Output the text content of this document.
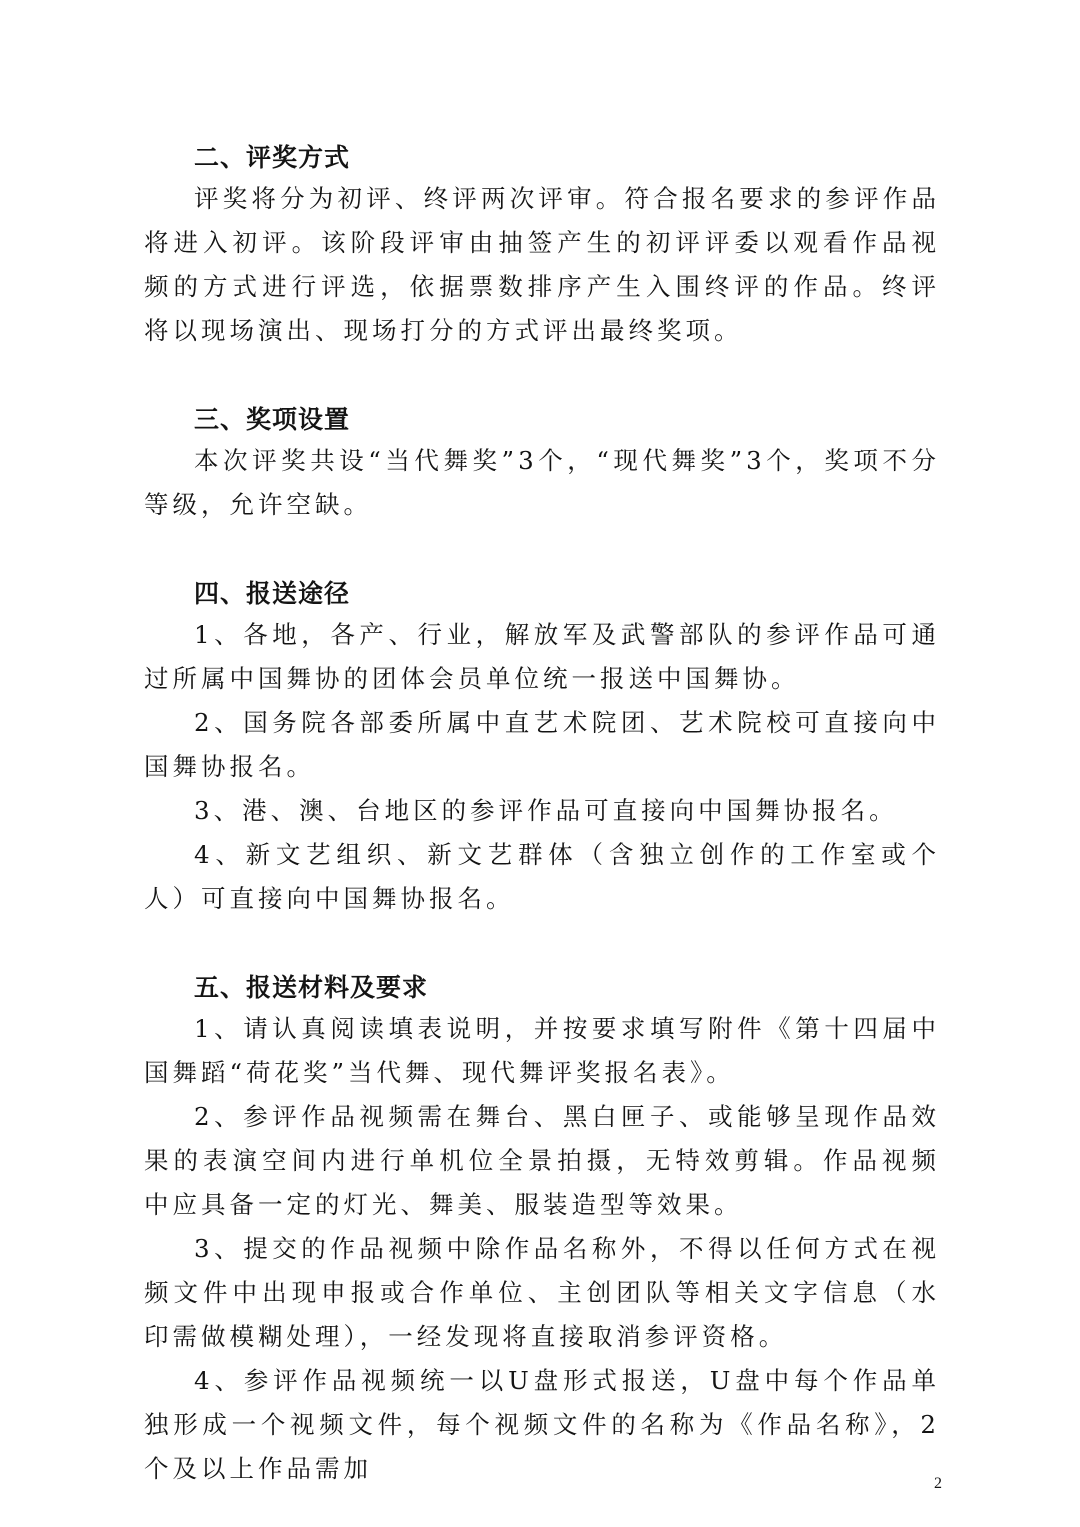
二、评奖方式

评奖将分为初评、终评两次评审。符合报名要求的参评作品将进入初评。该阶段评审由抽签产生的初评评委以观看作品视频的方式进行评选，依据票数排序产生入围终评的作品。终评将以现场演出、现场打分的方式评出最终奖项。

三、奖项设置

本次评奖共设“当代舞奖”3个，“现代舞奖”3个，奖项不分等级，允许空缺。

四、报送途径

1、各地，各产、行业，解放军及武警部队的参评作品可通过所属中国舞协的团体会员单位统一报送中国舞协。

2、国务院各部委所属中直艺术院团、艺术院校可直接向中国舞协报名。

3、港、澳、台地区的参评作品可直接向中国舞协报名。

4、新文艺组织、新文艺群体（含独立创作的工作室或个人）可直接向中国舞协报名。

五、报送材料及要求

1、请认真阅读填表说明，并按要求填写附件《第十四届中国舞蹈“荷花奖”当代舞、现代舞评奖报名表》。

2、参评作品视频需在舞台、黑白匣子、或能够呈现作品效果的表演空间内进行单机位全景拍摄，无特效剪辑。作品视频中应具备一定的灯光、舞美、服装造型等效果。

3、提交的作品视频中除作品名称外，不得以任何方式在视频文件中出现申报或合作单位、主创团队等相关文字信息（水印需做模糊处理），一经发现将直接取消参评资格。

4、参评作品视频统一以U盘形式报送，U盘中每个作品单独形成一个视频文件，每个视频文件的名称为《作品名称》，2个及以上作品需加

2
